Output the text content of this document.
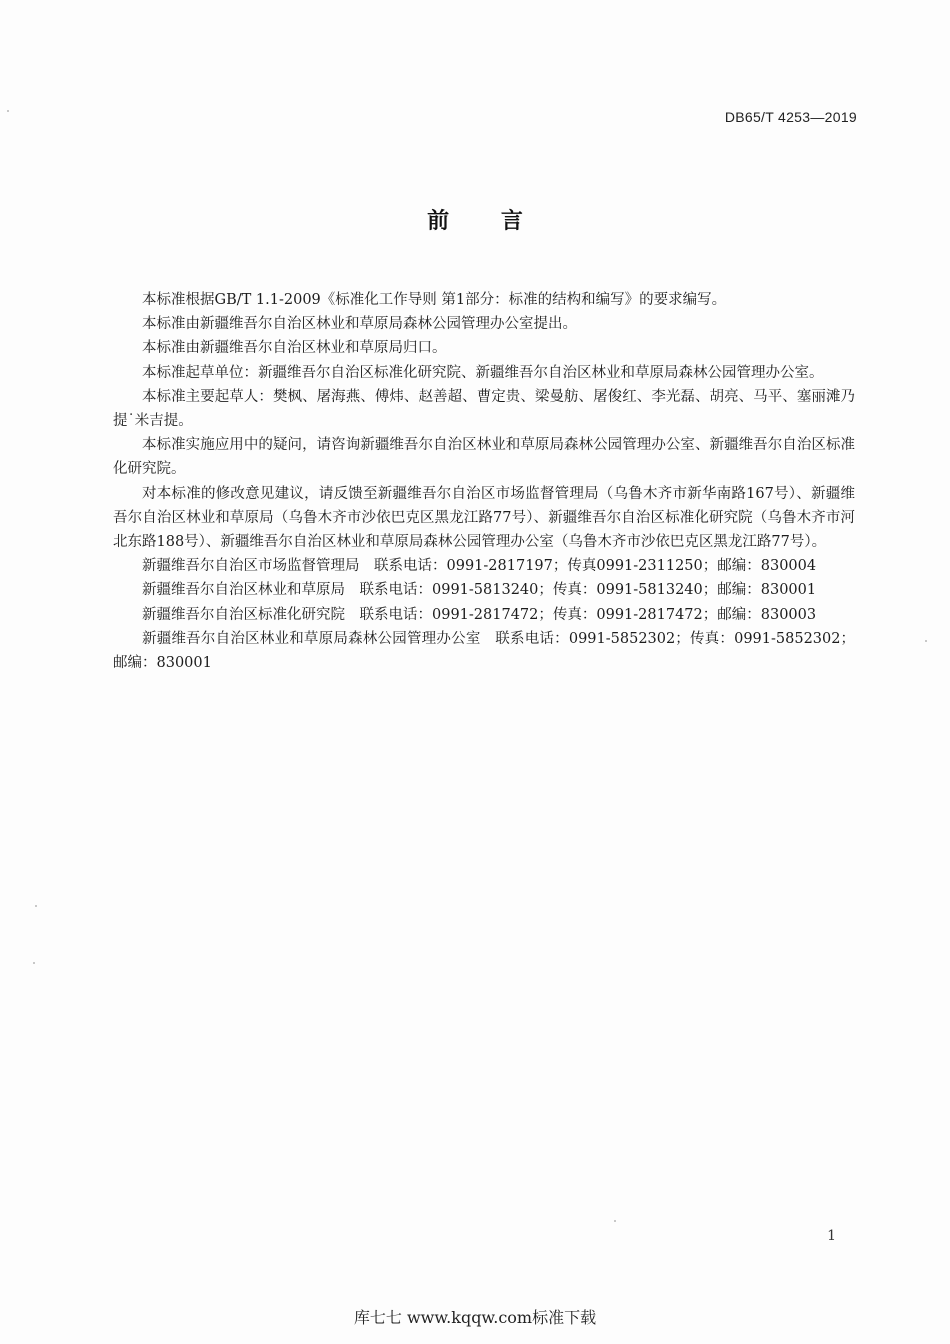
DB65/T 4253—2019
前 言

本标准根据GB/T 1.1-2009《标准化工作导则 第1部分：标准的结构和编写》的要求编写。

本标准由新疆维吾尔自治区林业和草原局森林公园管理办公室提出。

本标准由新疆维吾尔自治区林业和草原局归口。

本标准起草单位：新疆维吾尔自治区标准化研究院、新疆维吾尔自治区林业和草原局森林公园管理办公室。

本标准主要起草人：樊枫、屠海燕、傅炜、赵善超、曹定贵、梁曼舫、屠俊红、李光磊、胡亮、马平、塞丽滩乃提˙米吉提。

本标准实施应用中的疑问，请咨询新疆维吾尔自治区林业和草原局森林公园管理办公室、新疆维吾尔自治区标准化研究院。

对本标准的修改意见建议，请反馈至新疆维吾尔自治区市场监督管理局（乌鲁木齐市新华南路167号）、新疆维吾尔自治区林业和草原局（乌鲁木齐市沙依巴克区黑龙江路77号）、新疆维吾尔自治区标准化研究院（乌鲁木齐市河北东路188号）、新疆维吾尔自治区林业和草原局森林公园管理办公室（乌鲁木齐市沙依巴克区黑龙江路77号）。

新疆维吾尔自治区市场监督管理局　联系电话：0991-2817197；传真0991-2311250；邮编：830004

新疆维吾尔自治区林业和草原局　联系电话：0991-5813240；传真：0991-5813240；邮编：830001

新疆维吾尔自治区标准化研究院　联系电话：0991-2817472；传真：0991-2817472；邮编：830003

新疆维吾尔自治区林业和草原局森林公园管理办公室　联系电话：0991-5852302；传真：0991-5852302；邮编：830001

1
库七七 www.kqqw.com标准下载
